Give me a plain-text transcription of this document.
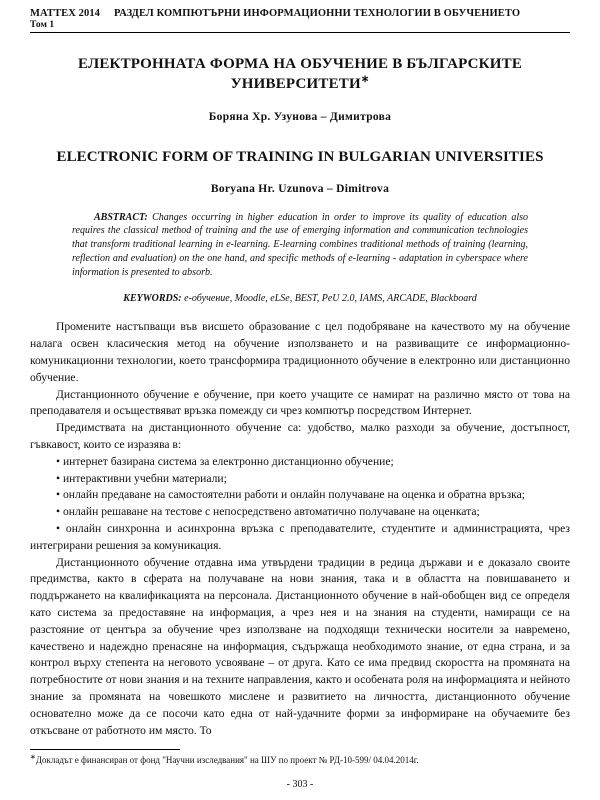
MATTEX 2014 РАЗДЕЛ КОМПЮТЪРНИ ИНФОРМАЦИОННИ ТЕХНОЛОГИИ В ОБУЧЕНИЕТО
Том 1
ЕЛЕКТРОННАТА ФОРМА НА ОБУЧЕНИЕ В БЪЛГАРСКИТЕ УНИВЕРСИТЕТИ∗
Боряна Хр. Узунова – Димитрова
ELECTRONIC FORM OF TRAINING IN BULGARIAN UNIVERSITIES
Boryana Hr. Uzunova – Dimitrova
ABSTRACT: Changes occurring in higher education in order to improve its quality of education also requires the classical method of training and the use of emerging information and communication technologies that transform traditional learning in e-learning. E-learning combines traditional methods of training (learning, reflection and evaluation) on the one hand, and specific methods of e-learning - adaptation in cyberspace where information is presented to absorb.
KEYWORDS: е-обучение, Moodle, eLSe, BEST, PeU 2.0, IAMS, ARCADE, Blackboard

Промените настъпващи във висшето образование с цел подобряване на качеството му на обучение налага освен класическия метод на обучение използването и на развиващите се информационно-комуникационни технологии, което трансформира традиционното обучение в електронно или дистанционно обучение.

Дистанционното обучение е обучение, при което учащите се намират на различно място от това на преподавателя и осъществяват връзка помежду си чрез компютър посредством Интернет.

Предимствата на дистанционното обучение са: удобство, малко разходи за обучение, достъпност, гъвкавост, които се изразява в:

• интернет базирана система за електронно дистанционно обучение;
• интерактивни учебни материали;
• онлайн предаване на самостоятелни работи и онлайн получаване на оценка и обратна връзка;
• онлайн решаване на тестове с непосредствено автоматично получаване на оценката;
• онлайн синхронна и асинхронна връзка с преподавателите, студентите и администрацията, чрез интегрирани решения за комуникация.

Дистанционното обучение отдавна има утвърдени традиции в редица държави и е доказало своите предимства, както в сферата на получаване на нови знания, така и в областта на повишаването и поддържането на квалификацията на персонала. Дистанционното обучение в най-обобщен вид се определя като система за предоставяне на информация, а чрез нея и на знания на студенти, намиращи се на разстояние от центъра за обучение чрез използване на подходящи технически носители за навремено, качествено и надеждно пренасяне на информация, съдържаща необходимото знание, от една страна, и за контрол върху степента на неговото усвояване – от друга. Като се има предвид скоростта на промяната на потребностите от нови знания и на техните направления, както и особената роля на информацията и нейното знание за промяната на човешкото мислене и развитието на личността, дистанционното обучение основателно може да се посочи като една от най-удачните форми за информиране на обучаемите без откъсване от работното им място. То

∗Докладът е финансиран от фонд "Научни изследвания" на ШУ по проект № РД-10-599/ 04.04.2014г.
- 303 -
